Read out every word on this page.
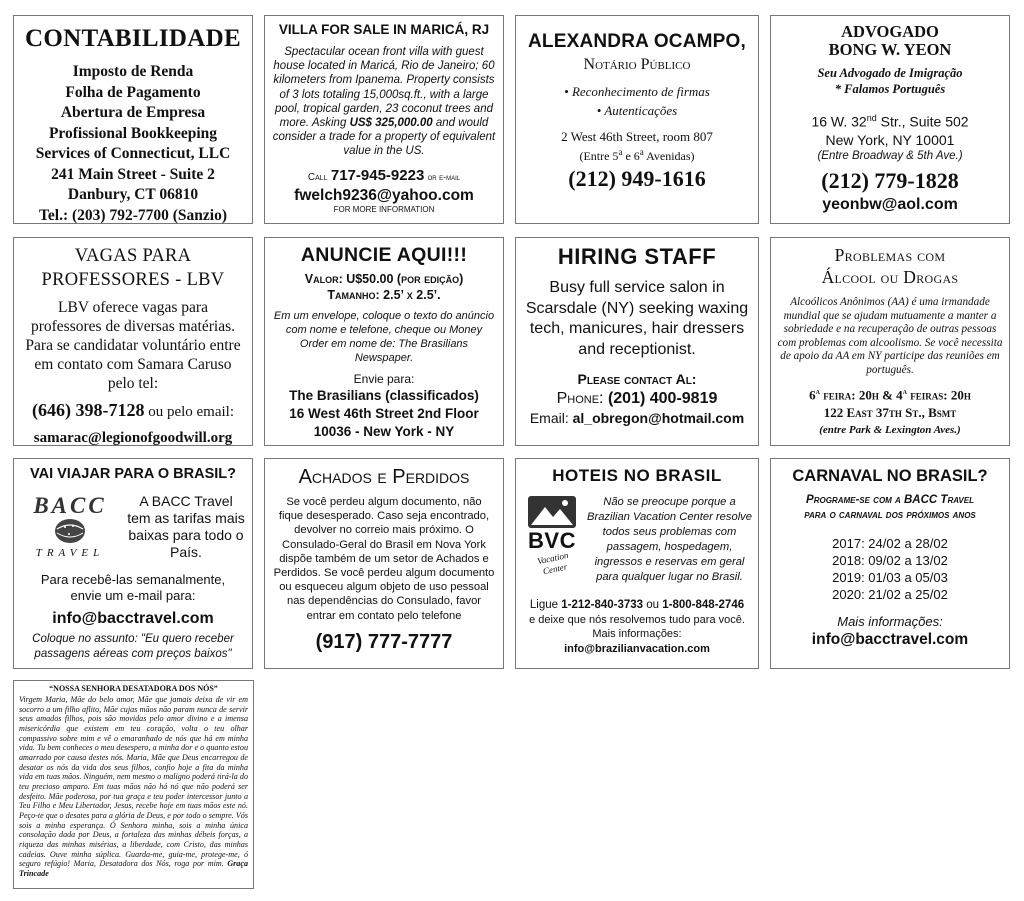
CONTABILIDADE
Imposto de Renda
Folha de Pagamento
Abertura de Empresa
Profissional Bookkeeping
Services of Connecticut, LLC
241 Main Street - Suite 2
Danbury, CT 06810
Tel.: (203) 792-7700 (Sanzio)
VILLA FOR SALE IN MARICÁ, RJ
Spectacular ocean front villa with guest house located in Maricá, Rio de Janeiro; 60 kilometers from Ipanema. Property consists of 3 lots totaling 15,000sq.ft., with a large pool, tropical garden, 23 coconut trees and more. Asking US$ 325,000.00 and would consider a trade for a property of equivalent value in the US.
Call 717-945-9223 or e-mail
fwelch9236@yahoo.com
FOR MORE INFORMATION
ALEXANDRA OCAMPO,
Notário Público
• Reconhecimento de firmas
• Autenticações
2 West 46th Street, room 807
(Entre 5$^a$ e 6$^a$ Avenidas)
(212) 949-1616
ADVOGADO
BONG W. YEON
Seu Advogado de Imigração
* Falamos Português
16 W. 32nd Str., Suite 502
New York, NY 10001
(Entre Broadway & 5th Ave.)
(212) 779-1828
yeonbw@aol.com
VAGAS PARA
PROFESSORES - LBV
LBV oferece vagas para professores de diversas matérias. Para se candidatar voluntário entre em contato com Samara Caruso pelo tel:
(646) 398-7128 ou pelo email:
samarac@legionofgoodwill.org
ANUNCIE AQUI!!!
Valor: U$50.00 (por edição)
Tamanho: 2.5’ x 2.5’.
Em um envelope, coloque o texto do anúncio com nome e telefone, cheque ou Money Order em nome de: The Brasilians Newspaper.
Envie para:
The Brasilians (classificados)
16 West 46th Street 2nd Floor
10036 - New York - NY
HIRING STAFF
Busy full service salon in Scarsdale (NY) seeking waxing tech, manicures, hair dressers and receptionist.
Please contact Al:
Phone: (201) 400-9819
Email: al_obregon@hotmail.com
Problemas com
Álcool ou Drogas
Alcoólicos Anônimos (AA) é uma irmandade mundial que se ajudam mutuamente a manter a sobriedade e na recuperação de outras pessoas com problemas com alcoolismo. Se você necessita de apoio da AA em NY participe das reuniões em português.
6$^a$ feira: 20h & 4$^a$ feiras: 20h
122 East 37th St., Bsmt
(entre Park & Lexington Aves.)
VAI VIAJAR PARA O BRASIL?
BACC
TRAVEL
A BACC Travel tem as tarifas mais baixas para todo o País.
Para recebê-las semanalmente, envie um e-mail para:
info@bacctravel.com
Coloque no assunto: "Eu quero receber passagens aéreas com preços baixos"
Achados e Perdidos
Se você perdeu algum documento, não fique desesperado. Caso seja encontrado, devolver no correio mais próximo. O Consulado-Geral do Brasil em Nova York dispõe também de um setor de Achados e Perdidos. Se você perdeu algum documento ou esqueceu algum objeto de uso pessoal nas dependências do Consulado, favor entrar em contato pelo telefone
(917) 777-7777
HOTEIS NO BRASIL
BVC
Vacation Center
Não se preocupe porque a Brazilian Vacation Center resolve todos seus problemas com passagem, hospedagem, ingressos e reservas em geral para qualquer lugar no Brasil.
Ligue 1-212-840-3733 ou 1-800-848-2746
e deixe que nós resolvemos tudo para você.
Mais informações: info@brazilianvacation.com
CARNAVAL NO BRASIL?
Programe-se com a BACC Travel
para o carnaval dos próximos anos
2017: 24/02 a 28/02
2018: 09/02 a 13/02
2019: 01/03 a 05/03
2020: 21/02 a 25/02
Mais informações:
info@bacctravel.com
“NOSSA SENHORA DESATADORA DOS NÓS”
Virgem Maria, Mãe do belo amor, Mãe que jamais deixa de vir em socorro a um filho aflito, Mãe cujas mãos não param nunca de servir seus amados filhos, pois são movidas pelo amor divino e a imensa misericórdia que existem em teu coração, volta o teu olhar compassivo sobre mim e vê o emaranhado de nós que há em minha vida. Tu bem conheces o meu desespero, a minha dor e o quanto estou amarrado por causa destes nós. Maria, Mãe que Deus encarregou de desatar os nós da vida dos seus filhos, confio hoje a fita da minha vida em tuas mãos. Ninguém, nem mesmo o maligno poderá tirá-la do teu precioso amparo. Em tuas mãos não há nó que não poderá ser desfeito. Mãe poderosa, por tua graça e teu poder intercessor junto a Teu Filho e Meu Libertador, Jesus, recebe hoje em tuas mãos este nó. Peço-te que o desates para a glória de Deus, e por todo o sempre. Vós sois a minha esperança. Ó Senhora minha, sois a minha única consolação dada por Deus, a fortaleza das minhas débeis forças, a riqueza das minhas misérias, a liberdade, com Cristo, das minhas cadeias. Ouve minha súplica. Guarda-me, guia-me, protege-me, ó seguro refúgio! Maria, Desatadora dos Nós, roga por mim. Graça Trincade
